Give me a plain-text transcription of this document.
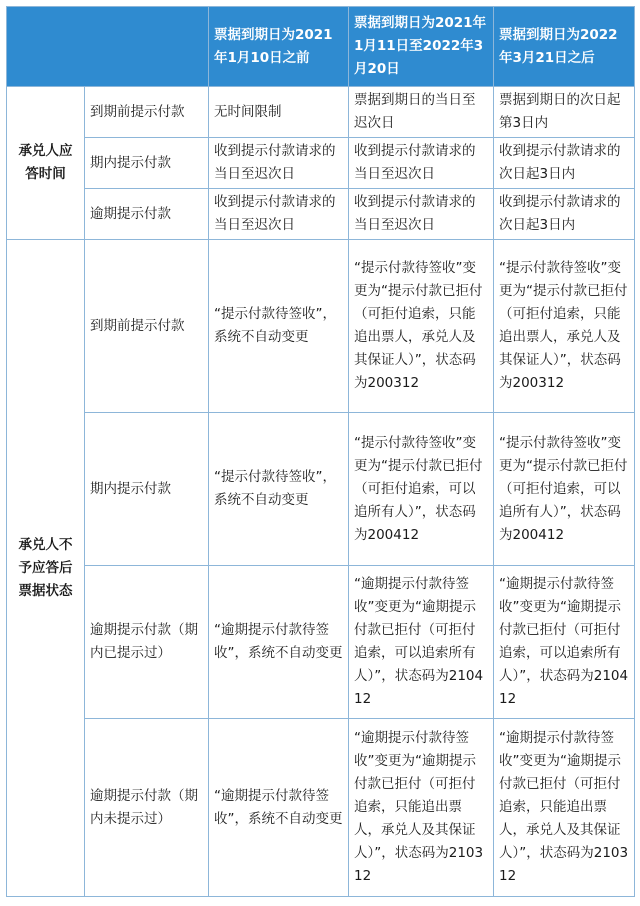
		票据到期日为2021年1月10日之前	票据到期日为2021年1月11日至2022年3月20日	票据到期日为2022年3月21日之后
承兑人应答时间	到期前提示付款	无时间限制	票据到期日的当日至迟次日	票据到期日的次日起第3日内
	期内提示付款	收到提示付款请求的当日至迟次日	收到提示付款请求的当日至迟次日	收到提示付款请求的次日起3日内
	逾期提示付款	收到提示付款请求的当日至迟次日	收到提示付款请求的当日至迟次日	收到提示付款请求的次日起3日内
承兑人不予应答后票据状态	到期前提示付款	“提示付款待签收”，系统不自动变更	“提示付款待签收”变更为“提示付款已拒付（可拒付追索，只能追出票人，承兑人及其保证人）”，状态码为200312	“提示付款待签收”变更为“提示付款已拒付（可拒付追索，只能追出票人，承兑人及其保证人）”，状态码为200312
	期内提示付款	“提示付款待签收”，系统不自动变更	“提示付款待签收”变更为“提示付款已拒付（可拒付追索，可以追所有人）”，状态码为200412	“提示付款待签收”变更为“提示付款已拒付（可拒付追索，可以追所有人）”，状态码为200412
	逾期提示付款（期内已提示过）	“逾期提示付款待签收”，系统不自动变更	“逾期提示付款待签收”变更为“逾期提示付款已拒付（可拒付追索，可以追索所有人）”，状态码为210412	“逾期提示付款待签收”变更为“逾期提示付款已拒付（可拒付追索，可以追索所有人）”，状态码为210412
	逾期提示付款（期内未提示过）	“逾期提示付款待签收”，系统不自动变更	“逾期提示付款待签收”变更为“逾期提示付款已拒付（可拒付追索，只能追出票人，承兑人及其保证人）”，状态码为210312	“逾期提示付款待签收”变更为“逾期提示付款已拒付（可拒付追索，只能追出票人，承兑人及其保证人）”，状态码为210312
